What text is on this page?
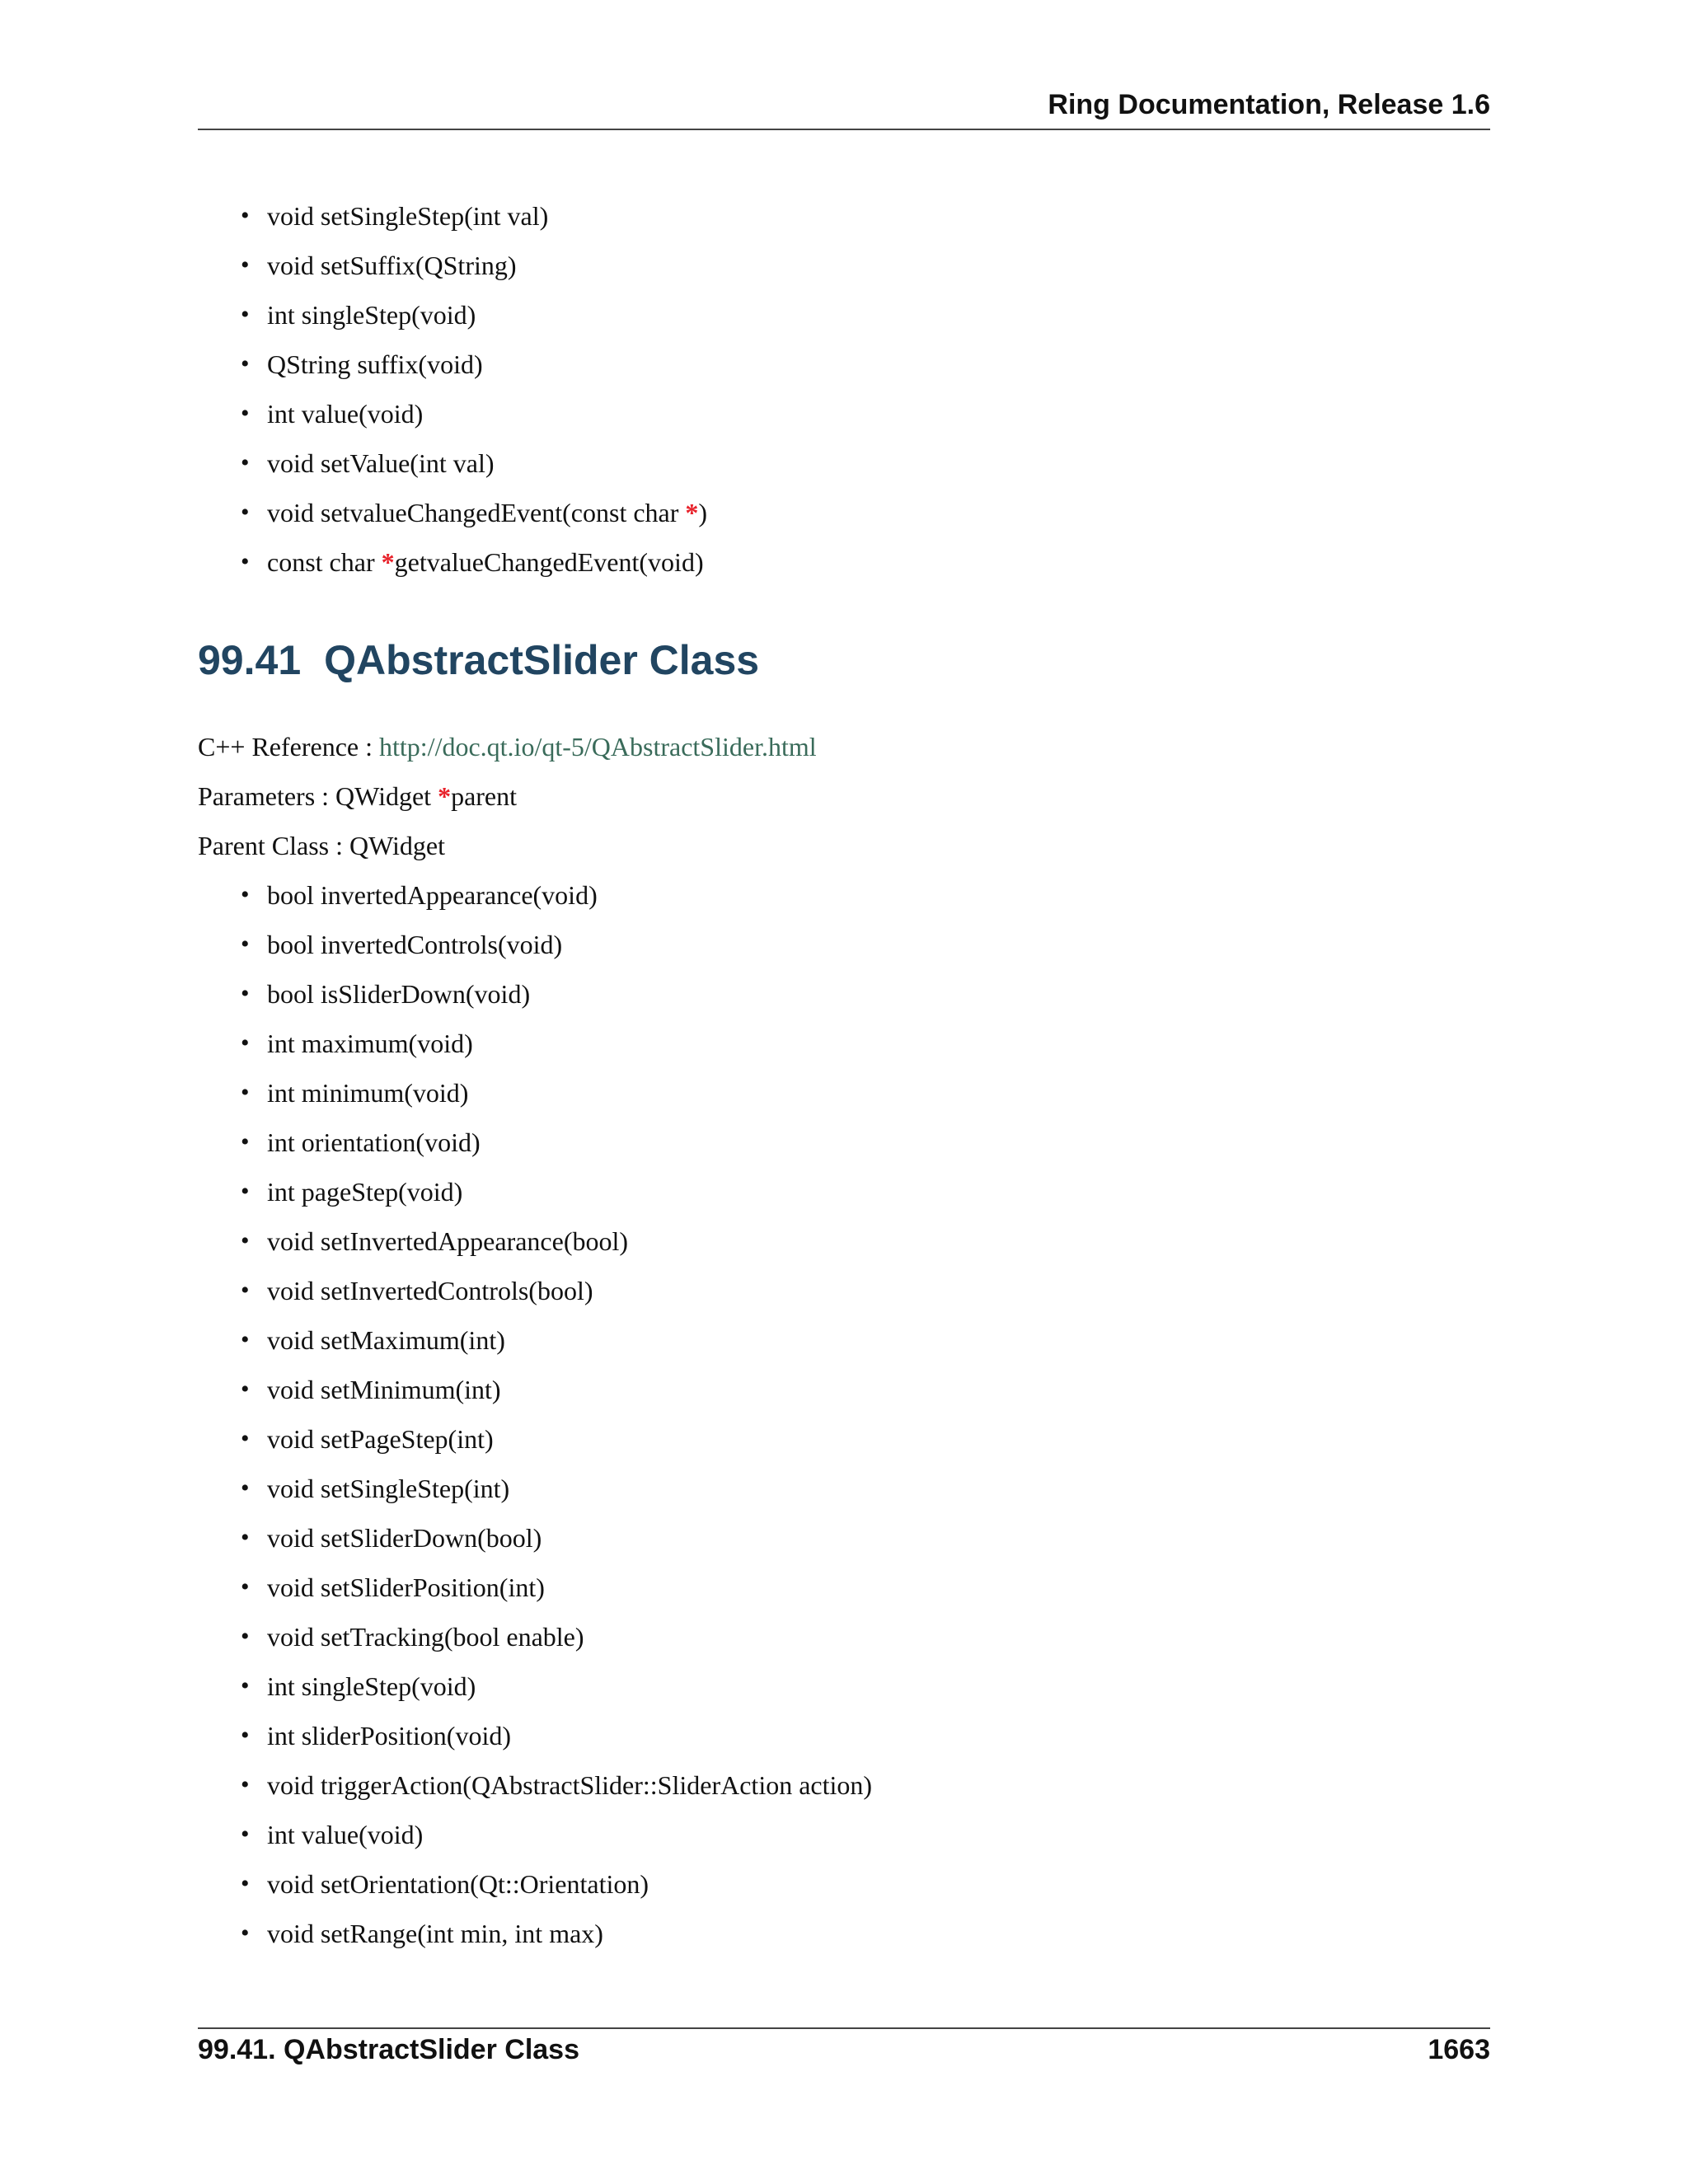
Ring Documentation, Release 1.6
• void setSingleStep(int val)
• void setSuffix(QString)
• int singleStep(void)
• QString suffix(void)
• int value(void)
• void setValue(int val)
• void setvalueChangedEvent(const char *)
• const char *getvalueChangedEvent(void)
99.41 QAbstractSlider Class
C++ Reference : http://doc.qt.io/qt-5/QAbstractSlider.html
Parameters : QWidget *parent
Parent Class : QWidget
• bool invertedAppearance(void)
• bool invertedControls(void)
• bool isSliderDown(void)
• int maximum(void)
• int minimum(void)
• int orientation(void)
• int pageStep(void)
• void setInvertedAppearance(bool)
• void setInvertedControls(bool)
• void setMaximum(int)
• void setMinimum(int)
• void setPageStep(int)
• void setSingleStep(int)
• void setSliderDown(bool)
• void setSliderPosition(int)
• void setTracking(bool enable)
• int singleStep(void)
• int sliderPosition(void)
• void triggerAction(QAbstractSlider::SliderAction action)
• int value(void)
• void setOrientation(Qt::Orientation)
• void setRange(int min, int max)
99.41. QAbstractSlider Class	1663
